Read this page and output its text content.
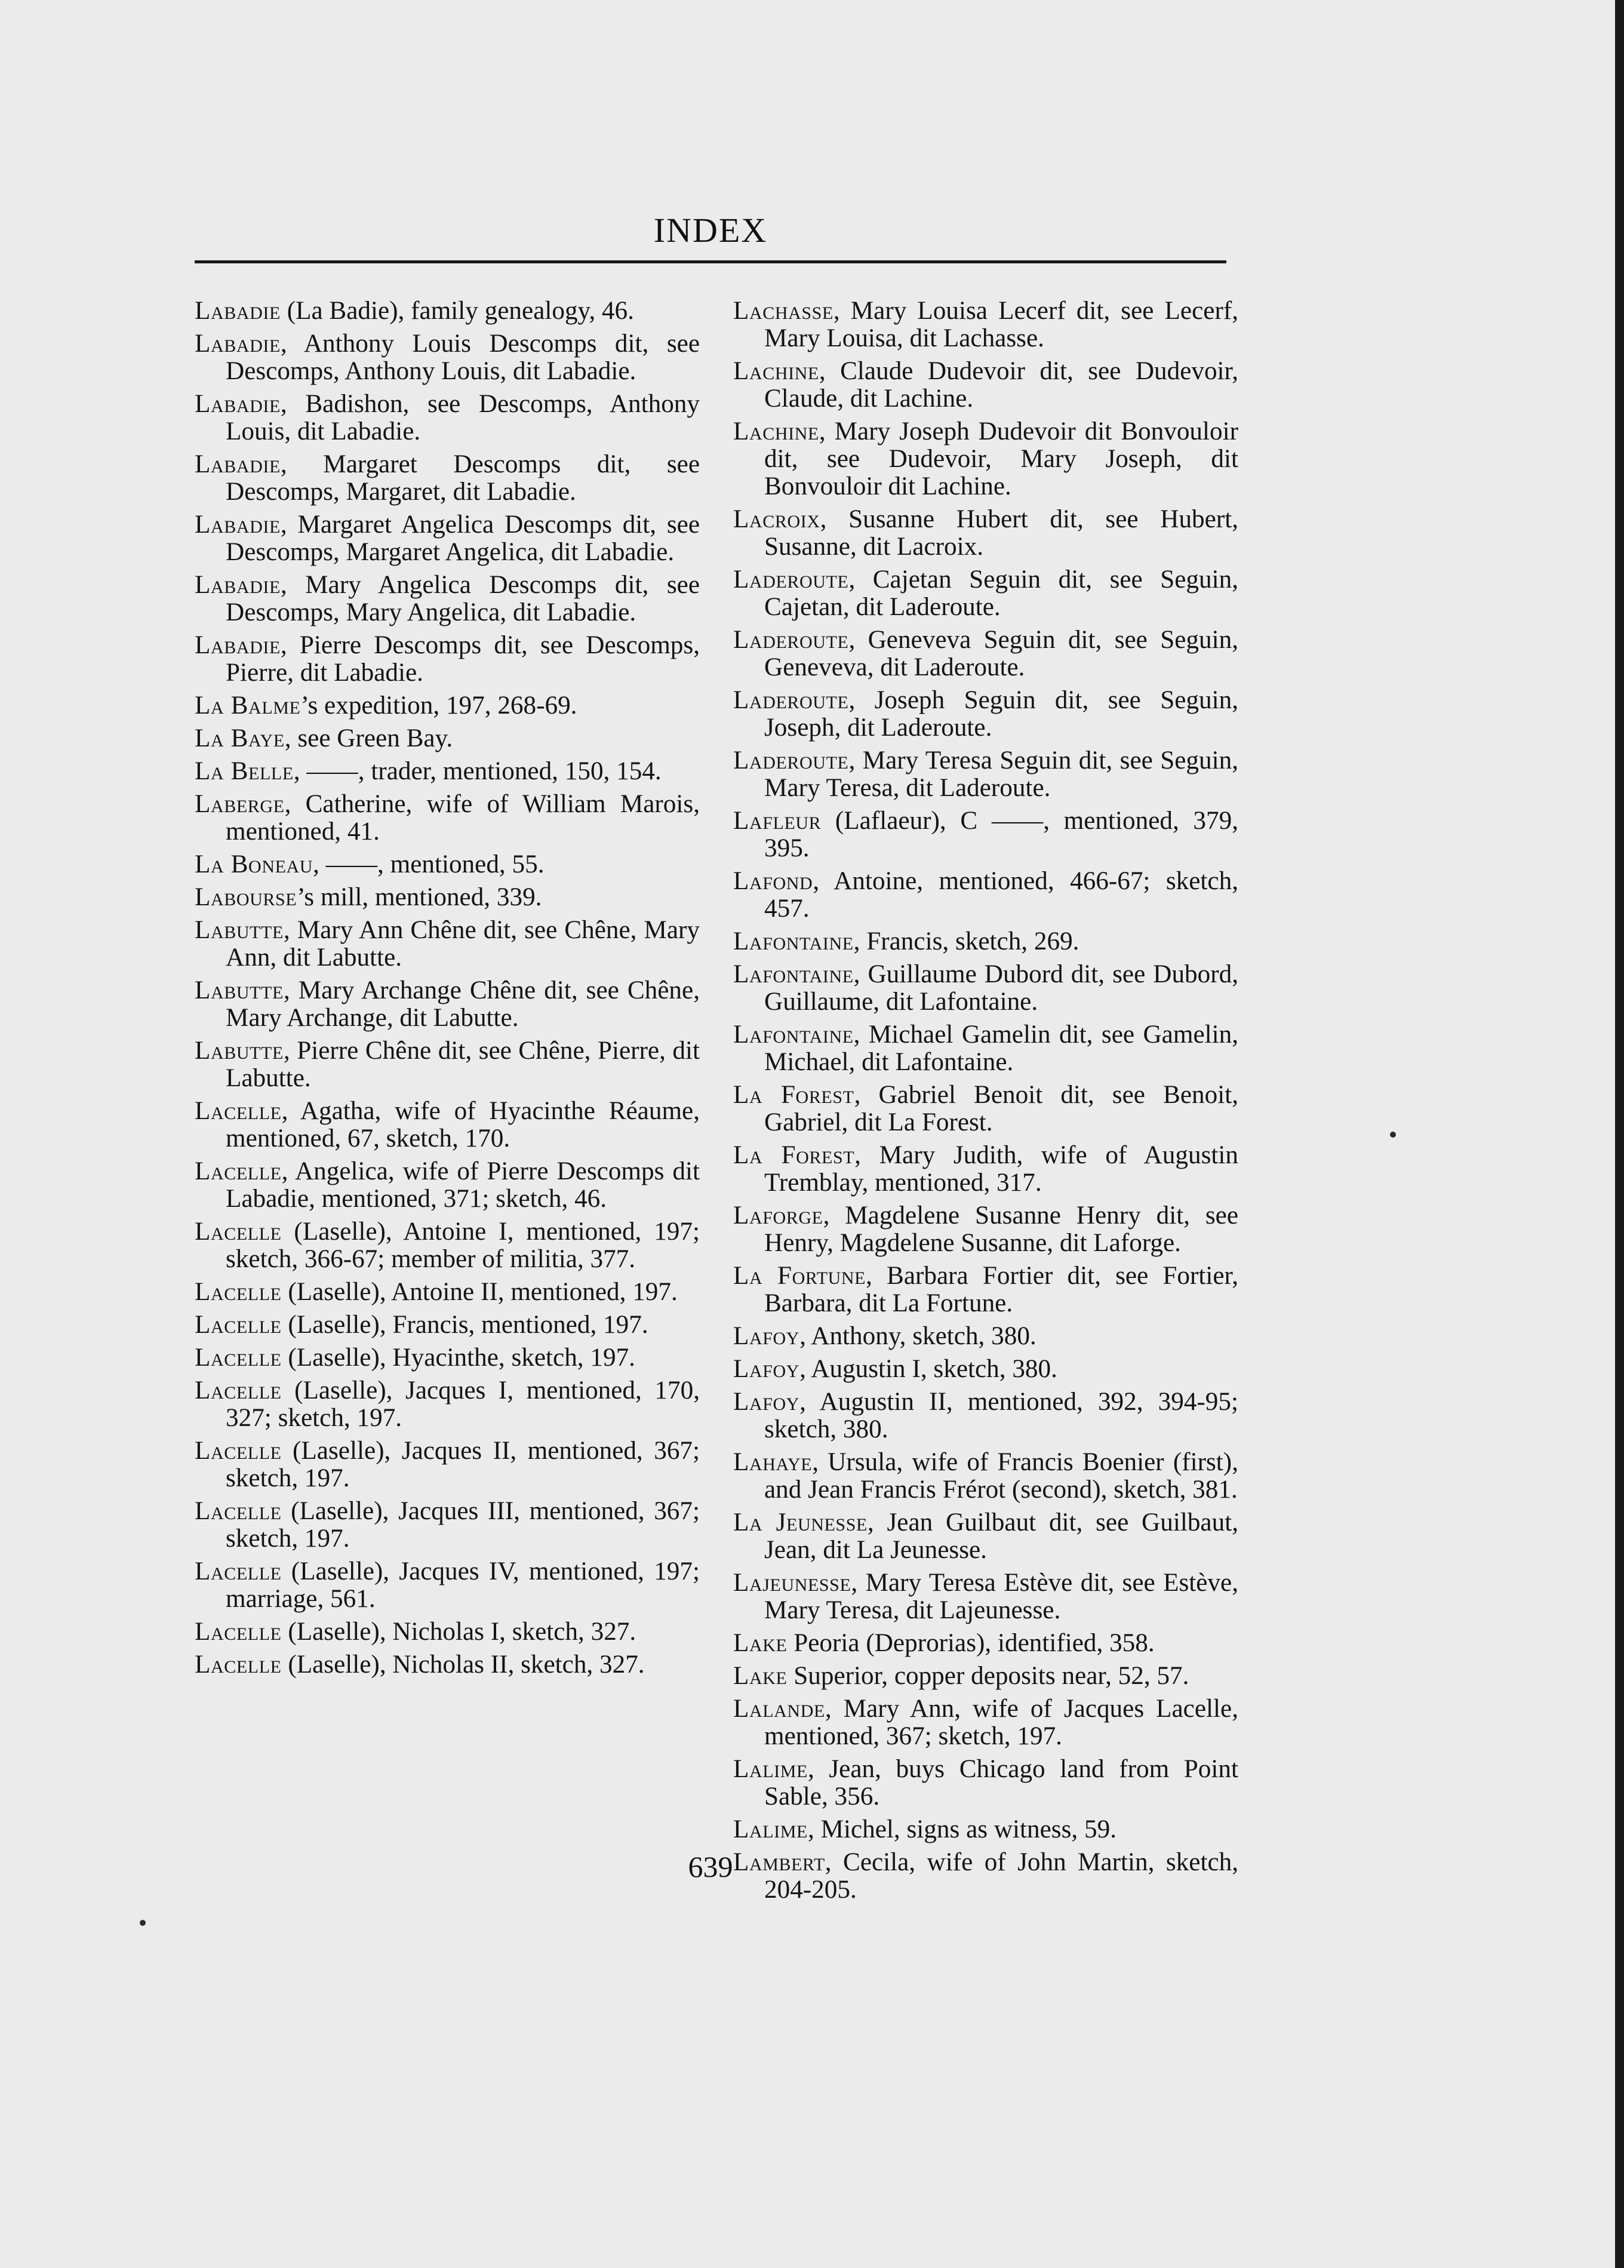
INDEX

Labadie (La Badie), family genealogy, 46.

Labadie, Anthony Louis Descomps dit, see Descomps, Anthony Louis, dit Labadie.

Labadie, Badishon, see Descomps, Anthony Louis, dit Labadie.

Labadie, Margaret Descomps dit, see Descomps, Margaret, dit Labadie.

Labadie, Margaret Angelica Descomps dit, see Descomps, Margaret Angelica, dit Labadie.

Labadie, Mary Angelica Descomps dit, see Descomps, Mary Angelica, dit Labadie.

Labadie, Pierre Descomps dit, see Descomps, Pierre, dit Labadie.

La Balme’s expedition, 197, 268-69.

La Baye, see Green Bay.

La Belle, ——, trader, mentioned, 150, 154.

Laberge, Catherine, wife of William Marois, mentioned, 41.

La Boneau, ——, mentioned, 55.

Labourse’s mill, mentioned, 339.

Labutte, Mary Ann Chêne dit, see Chêne, Mary Ann, dit Labutte.

Labutte, Mary Archange Chêne dit, see Chêne, Mary Archange, dit Labutte.

Labutte, Pierre Chêne dit, see Chêne, Pierre, dit Labutte.

Lacelle, Agatha, wife of Hyacinthe Réaume, mentioned, 67, sketch, 170.

Lacelle, Angelica, wife of Pierre Descomps dit Labadie, mentioned, 371; sketch, 46.

Lacelle (Laselle), Antoine I, mentioned, 197; sketch, 366-67; member of militia, 377.

Lacelle (Laselle), Antoine II, mentioned, 197.

Lacelle (Laselle), Francis, mentioned, 197.

Lacelle (Laselle), Hyacinthe, sketch, 197.

Lacelle (Laselle), Jacques I, mentioned, 170, 327; sketch, 197.

Lacelle (Laselle), Jacques II, mentioned, 367; sketch, 197.

Lacelle (Laselle), Jacques III, mentioned, 367; sketch, 197.

Lacelle (Laselle), Jacques IV, mentioned, 197; marriage, 561.

Lacelle (Laselle), Nicholas I, sketch, 327.

Lacelle (Laselle), Nicholas II, sketch, 327.

Lachasse, Mary Louisa Lecerf dit, see Lecerf, Mary Louisa, dit Lachasse.

Lachine, Claude Dudevoir dit, see Dudevoir, Claude, dit Lachine.

Lachine, Mary Joseph Dudevoir dit Bonvouloir dit, see Dudevoir, Mary Joseph, dit Bonvouloir dit Lachine.

Lacroix, Susanne Hubert dit, see Hubert, Susanne, dit Lacroix.

Laderoute, Cajetan Seguin dit, see Seguin, Cajetan, dit Laderoute.

Laderoute, Geneveva Seguin dit, see Seguin, Geneveva, dit Laderoute.

Laderoute, Joseph Seguin dit, see Seguin, Joseph, dit Laderoute.

Laderoute, Mary Teresa Seguin dit, see Seguin, Mary Teresa, dit Laderoute.

Lafleur (Laflaeur), C ——, mentioned, 379, 395.

Lafond, Antoine, mentioned, 466-67; sketch, 457.

Lafontaine, Francis, sketch, 269.

Lafontaine, Guillaume Dubord dit, see Dubord, Guillaume, dit Lafontaine.

Lafontaine, Michael Gamelin dit, see Gamelin, Michael, dit Lafontaine.

La Forest, Gabriel Benoit dit, see Benoit, Gabriel, dit La Forest.

La Forest, Mary Judith, wife of Augustin Tremblay, mentioned, 317.

Laforge, Magdelene Susanne Henry dit, see Henry, Magdelene Susanne, dit Laforge.

La Fortune, Barbara Fortier dit, see Fortier, Barbara, dit La Fortune.

Lafoy, Anthony, sketch, 380.

Lafoy, Augustin I, sketch, 380.

Lafoy, Augustin II, mentioned, 392, 394-95; sketch, 380.

Lahaye, Ursula, wife of Francis Boenier (first), and Jean Francis Frérot (second), sketch, 381.

La Jeunesse, Jean Guilbaut dit, see Guilbaut, Jean, dit La Jeunesse.

Lajeunesse, Mary Teresa Estève dit, see Estève, Mary Teresa, dit Lajeunesse.

Lake Peoria (Deprorias), identified, 358.

Lake Superior, copper deposits near, 52, 57.

Lalande, Mary Ann, wife of Jacques Lacelle, mentioned, 367; sketch, 197.

Lalime, Jean, buys Chicago land from Point Sable, 356.

Lalime, Michel, signs as witness, 59.

Lambert, Cecila, wife of John Martin, sketch, 204-205.

639
